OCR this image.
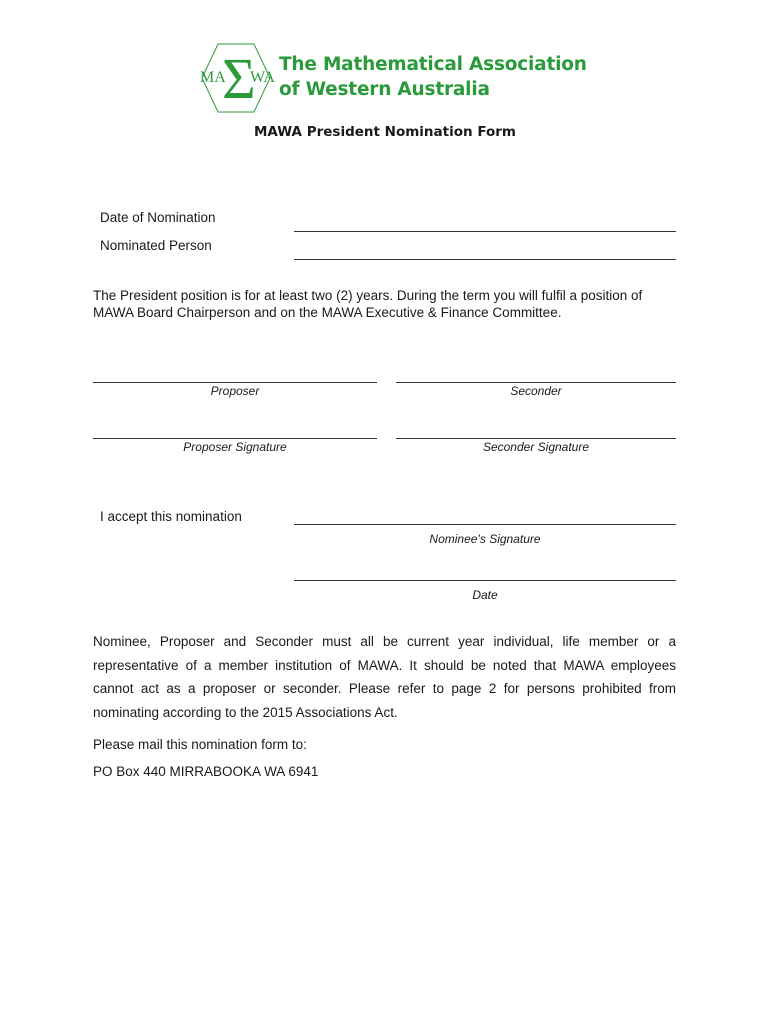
MA
Σ
WA
The Mathematical Association
of Western Australia
MAWA President Nomination Form
Date of Nomination
Nominated Person
The President position is for at least two (2) years. During the term you will fulfil a position of MAWA Board Chairperson and on the MAWA Executive & Finance Committee.
Proposer	Seconder
Proposer Signature	Seconder Signature
I accept this nomination
Nominee’s Signature
Date
Nominee, Proposer and Seconder must all be current year individual, life member or a representative of a member institution of MAWA. It should be noted that MAWA employees cannot act as a proposer or seconder. Please refer to page 2 for persons prohibited from nominating according to the 2015 Associations Act.
Please mail this nomination form to:
PO Box 440 MIRRABOOKA WA 6941
